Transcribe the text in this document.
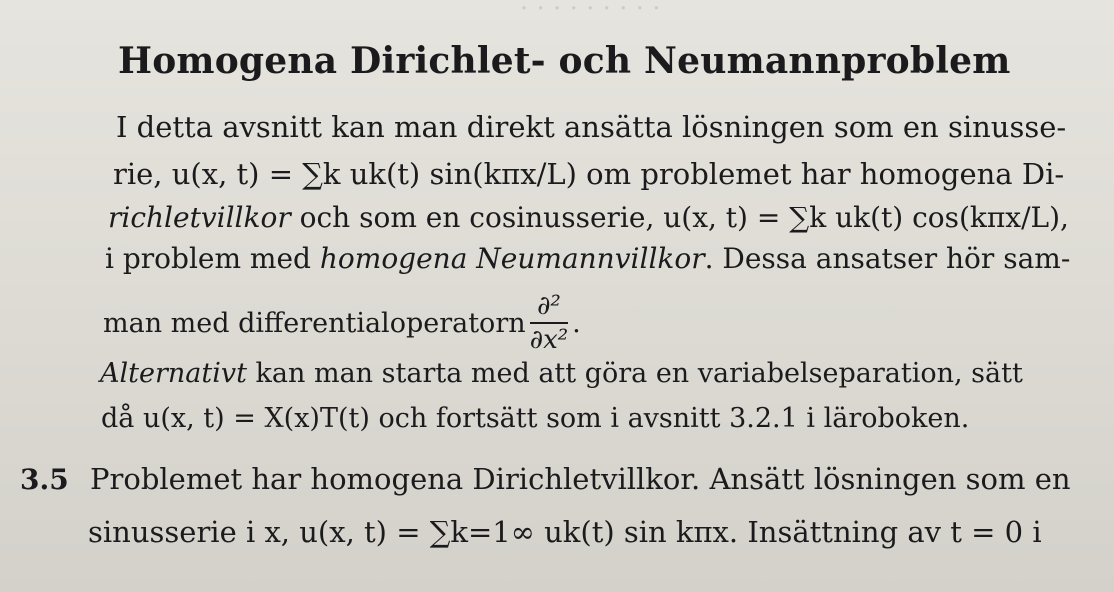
· · · · · · · · ·
Homogena Dirichlet- och Neumannproblem
I detta avsnitt kan man direkt ansätta lösningen som en sinusse-
rie, u(x, t) = ∑k uk(t) sin(kπx/L) om problemet har homogena Di-
richletvillkor och som en cosinusserie, u(x, t) = ∑k uk(t) cos(kπx/L),
i problem med homogena Neumannvillkor. Dessa ansatser hör sam-
man med differentialoperatorn $\frac{\text{∂²}}{\text{∂x²}}$ .
Alternativt kan man starta med att göra en variabelseparation, sätt
då u(x, t) = X(x)T(t) och fortsätt som i avsnitt 3.2.1 i läroboken.
3.5 Problemet har homogena Dirichletvillkor. Ansätt lösningen som en
sinusserie i x, u(x, t) = ∑k=1∞ uk(t) sin kπx. Insättning av t = 0 i
